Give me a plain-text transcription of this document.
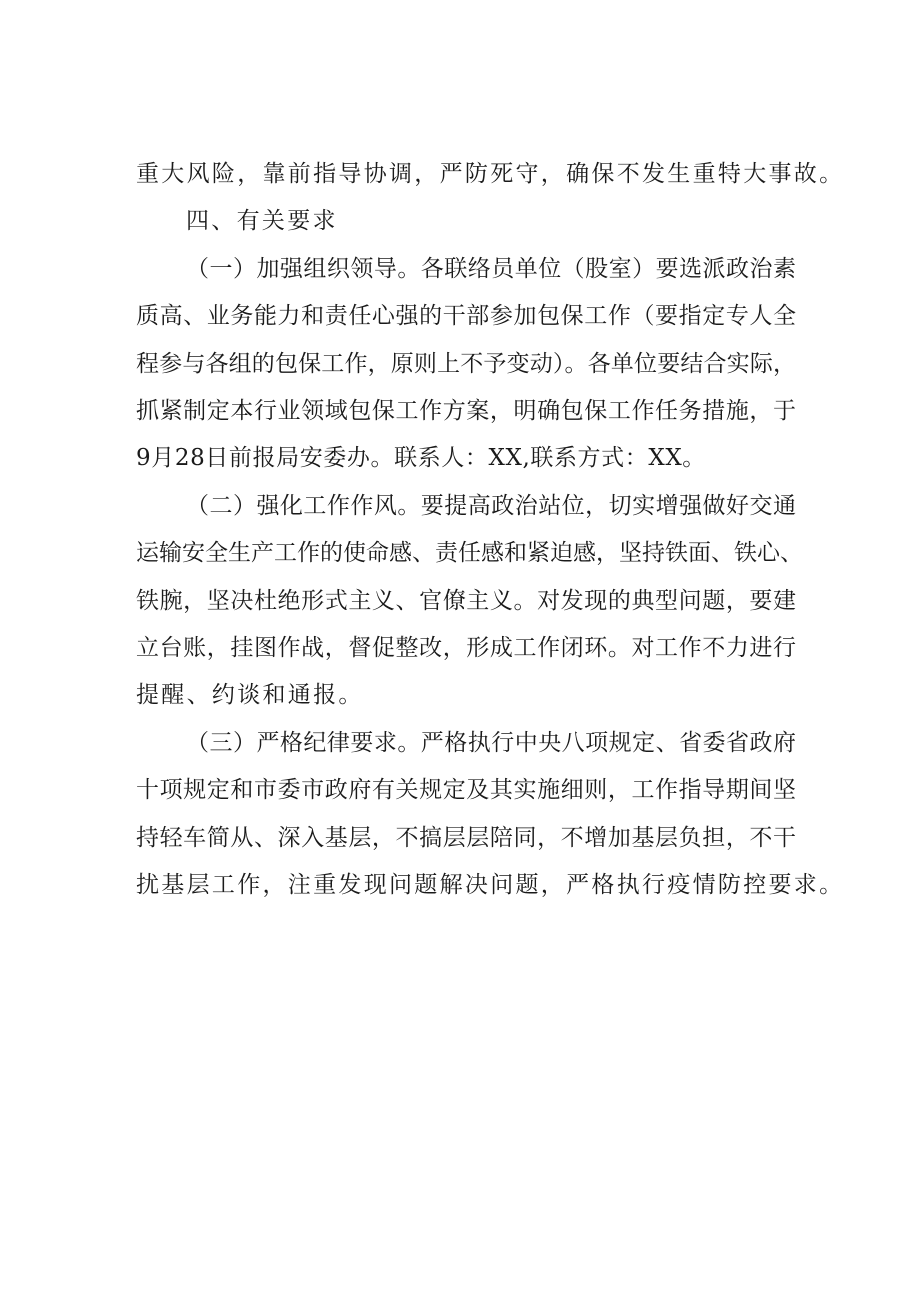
重大风险，靠前指导协调，严防死守，确保不发生重特大事故。
四、有关要求
（一）加强组织领导。各联络员单位（股室）要选派政治素
质高、业务能力和责任心强的干部参加包保工作（要指定专人全
程参与各组的包保工作，原则上不予变动）。各单位要结合实际，
抓紧制定本行业领域包保工作方案，明确包保工作任务措施，于
9月28日前报局安委办。联系人：XX,联系方式：XX。
（二）强化工作作风。要提高政治站位，切实增强做好交通
运输安全生产工作的使命感、责任感和紧迫感，坚持铁面、铁心、
铁腕，坚决杜绝形式主义、官僚主义。对发现的典型问题，要建
立台账，挂图作战，督促整改，形成工作闭环。对工作不力进行
提醒、约谈和通报。
（三）严格纪律要求。严格执行中央八项规定、省委省政府
十项规定和市委市政府有关规定及其实施细则，工作指导期间坚
持轻车简从、深入基层，不搞层层陪同，不增加基层负担，不干
扰基层工作，注重发现问题解决问题，严格执行疫情防控要求。
